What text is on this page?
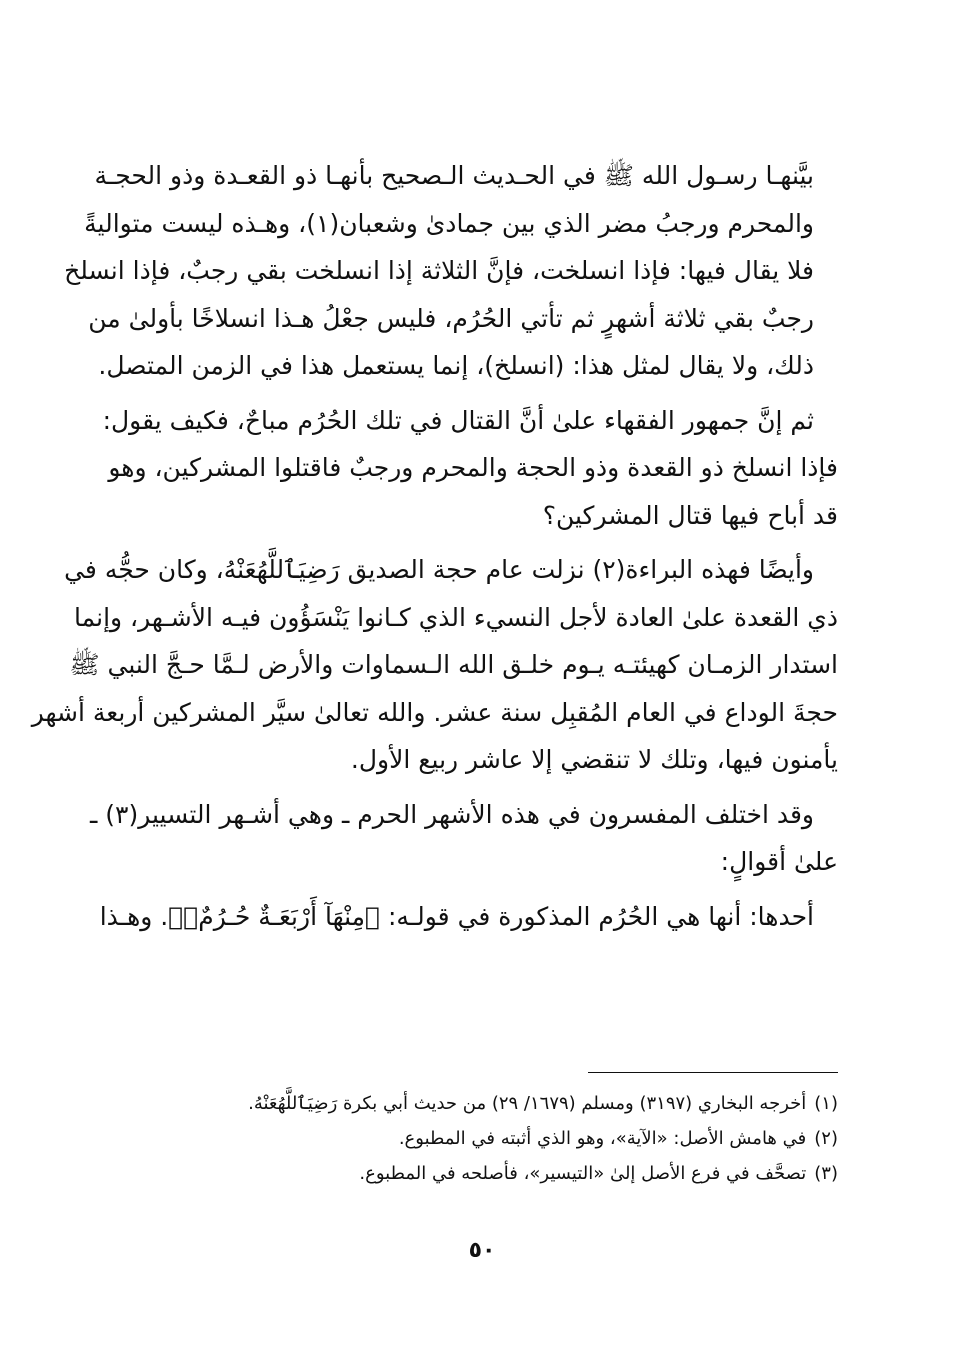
بيَّنهـا رسـول الله ﷺ في الحـديث الـصحيح بأنهـا ذو القعـدة وذو الحجـة
والمحرم ورجبُ مضر الذي بين جمادىٰ وشعبان(١)، وهـذه ليست متواليةً
فلا يقال فيها: فإذا انسلخت، فإنَّ الثلاثة إذا انسلخت بقي رجبٌ، فإذا انسلخ
رجبٌ بقي ثلاثة أشهرٍ ثم تأتي الحُرُم، فليس جعْلُ هـذا انسلاخًا بأولىٰ من
ذلك، ولا يقال لمثل هذا: (انسلخ)، إنما يستعمل هذا في الزمن المتصل.
ثم إنَّ جمهور الفقهاء علىٰ أنَّ القتال في تلك الحُرُم مباحٌ، فكيف يقول:
فإذا انسلخ ذو القعدة وذو الحجة والمحرم ورجبٌ فاقتلوا المشركين، وهو
قد أباح فيها قتال المشركين؟
وأيضًا فهذه البراءة(٢) نزلت عام حجة الصديق رَضِيَٱللَّهُعَنْهُ، وكان حجُّه في
ذي القعدة علىٰ العادة لأجل النسيء الذي كـانوا يَنْسَؤُون فيـه الأشـهر، وإنما
استدار الزمـان كهيئتـه يـوم خلـق الله الـسماوات والأرض لـمَّا حـجَّ النبي ﷺ
حجةَ الوداع في العام المُقبِل سنة عشر. والله تعالىٰ سيَّر المشركين أربعة أشهر
يأمنون فيها، وتلك لا تنقضي إلا عاشر ربيع الأول.
وقد اختلف المفسرون في هذه الأشهر الحرم ـ وهي أشـهر التسيير(٣) ـ
علىٰ أقوالٍ:
أحدها: أنها هي الحُرُم المذكورة في قولـه: ﴿مِنْهَآ أَرْبَعَـةٌ حُـرُمٌۚ﴾. وهـذا
(١)أخرجه البخاري (٣١٩٧) ومسلم (١٦٧٩/ ٢٩) من حديث أبي بكرة رَضِيَٱللَّهُعَنْهُ.
(٢)في هامش الأصل: «الآية»، وهو الذي أثبته في المطبوع.
(٣)تصحَّف في فرع الأصل إلىٰ «التيسير»، فأصلحه في المطبوع.
٥٠
